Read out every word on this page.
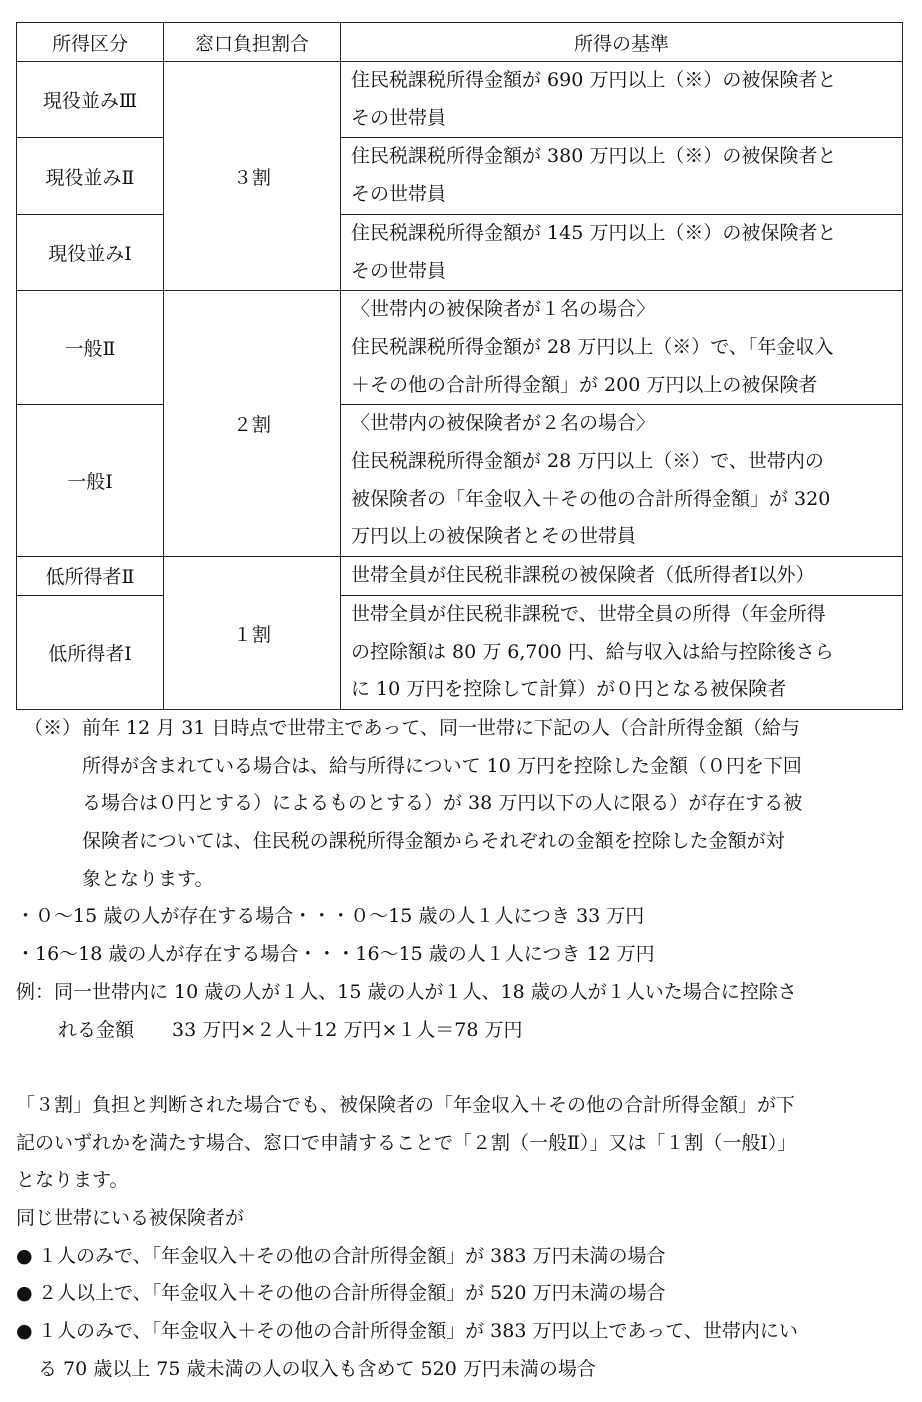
所得区分	窓口負担割合	所得の基準
現役並みⅢ	３割	住民税課税所得金額が 690 万円以上（※）の被保険者と
その世帯員

現役並みⅡ		住民税課税所得金額が 380 万円以上（※）の被保険者と
その世帯員

現役並みⅠ		住民税課税所得金額が 145 万円以上（※）の被保険者と
その世帯員

一般Ⅱ	２割	〈世帯内の被保険者が１名の場合〉
住民税課税所得金額が 28 万円以上（※）で、「年金収入
＋その他の合計所得金額」が 200 万円以上の被保険者

一般Ⅰ		〈世帯内の被保険者が２名の場合〉
住民税課税所得金額が 28 万円以上（※）で、世帯内の
被保険者の「年金収入＋その他の合計所得金額」が 320
万円以上の被保険者とその世帯員

低所得者Ⅱ	１割	世帯全員が住民税非課税の被保険者（低所得者Ⅰ以外）

低所得者Ⅰ		世帯全員が住民税非課税で、世帯全員の所得（年金所得
の控除額は 80 万 6,700 円、給与収入は給与控除後さら
に 10 万円を控除して計算）が０円となる被保険者
（※） 前年 12 月 31 日時点で世帯主であって、同一世帯に下記の人（合計所得金額（給与
所得が含まれている場合は、給与所得について 10 万円を控除した金額（０円を下回
る場合は０円とする）によるものとする）が 38 万円以下の人に限る）が存在する被
保険者については、住民税の課税所得金額からそれぞれの金額を控除した金額が対
象となります。
・０～15 歳の人が存在する場合・・・０～15 歳の人１人につき 33 万円
・16～18 歳の人が存在する場合・・・16～15 歳の人１人につき 12 万円
例：同一世帯内に 10 歳の人が１人、15 歳の人が１人、18 歳の人が１人いた場合に控除さ
れる金額　　33 万円×２人＋12 万円×１人＝78 万円
「３割」負担と判断された場合でも、被保険者の「年金収入＋その他の合計所得金額」が下
記のいずれかを満たす場合、窓口で申請することで「２割（一般Ⅱ）」又は「１割（一般Ⅰ）」
となります。
同じ世帯にいる被保険者が
● １人のみで、「年金収入＋その他の合計所得金額」が 383 万円未満の場合
● ２人以上で、「年金収入＋その他の合計所得金額」が 520 万円未満の場合
● １人のみで、「年金収入＋その他の合計所得金額」が 383 万円以上であって、世帯内にい
る 70 歳以上 75 歳未満の人の収入も含めて 520 万円未満の場合
